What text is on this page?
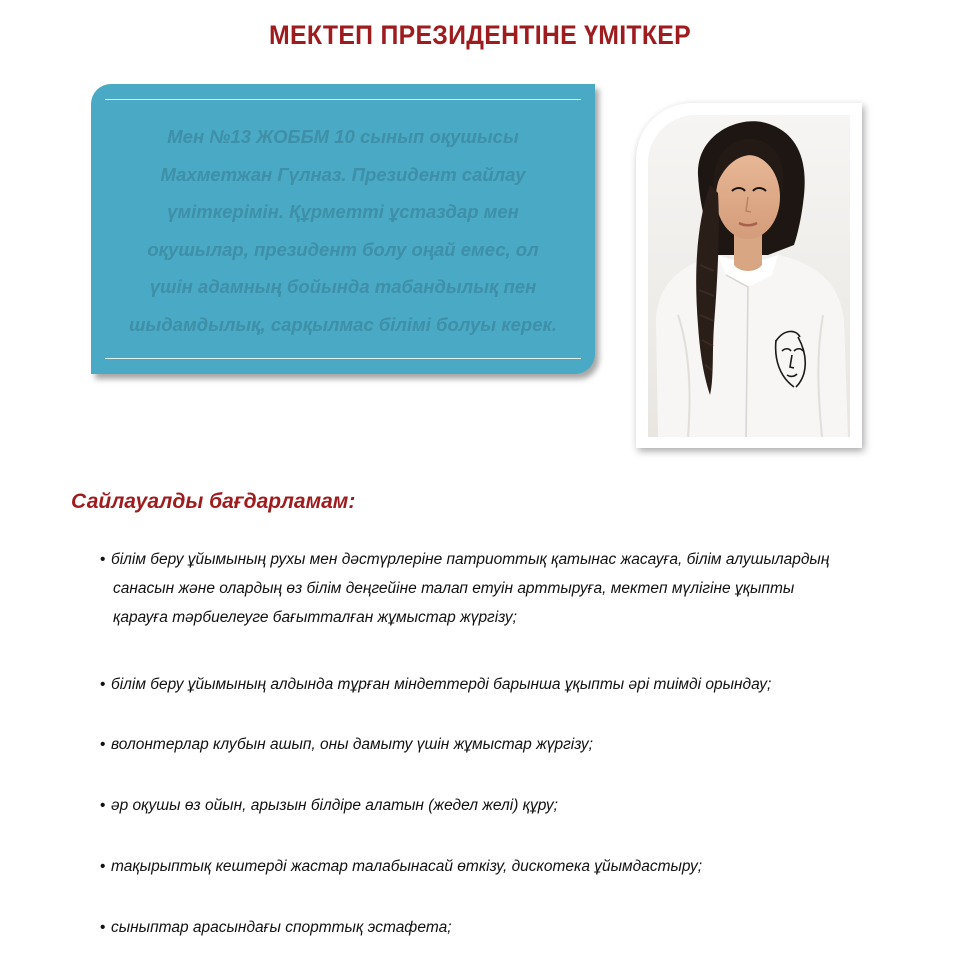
МЕКТЕП ПРЕЗИДЕНТІНЕ ҮМІТКЕР
Мен №13 ЖОББМ 10 сынып оқушысы
Махметжан Гүлназ. Президент сайлау
үміткерімін. Құрметті ұстаздар мен
оқушылар, президент болу оңай емес, ол
үшін адамның бойында табандылық пен
шыдамдылық, сарқылмас білімі болуы керек.
Сайлауалды бағдарламам:
• білім беру ұйымының рухы мен дәстүрлеріне патриоттық қатынас жасауға, білім алушылардың
санасын және олардың өз білім деңгейіне талап етуін арттыруға, мектеп мүлігіне ұқыпты
қарауға тәрбиелеуге бағытталған жұмыстар жүргізу;
• білім беру ұйымының алдында тұрған міндеттерді барынша ұқыпты әрі тиімді орындау;
• волонтерлар клубын ашып, оны дамыту үшін жұмыстар жүргізу;
• әр оқушы өз ойын, арызын білдіре алатын (жедел желі) құру;
• тақырыптық кештерді жастар талабынасай өткізу, дискотека ұйымдастыру;
• сыныптар арасындағы спорттық эстафета;
